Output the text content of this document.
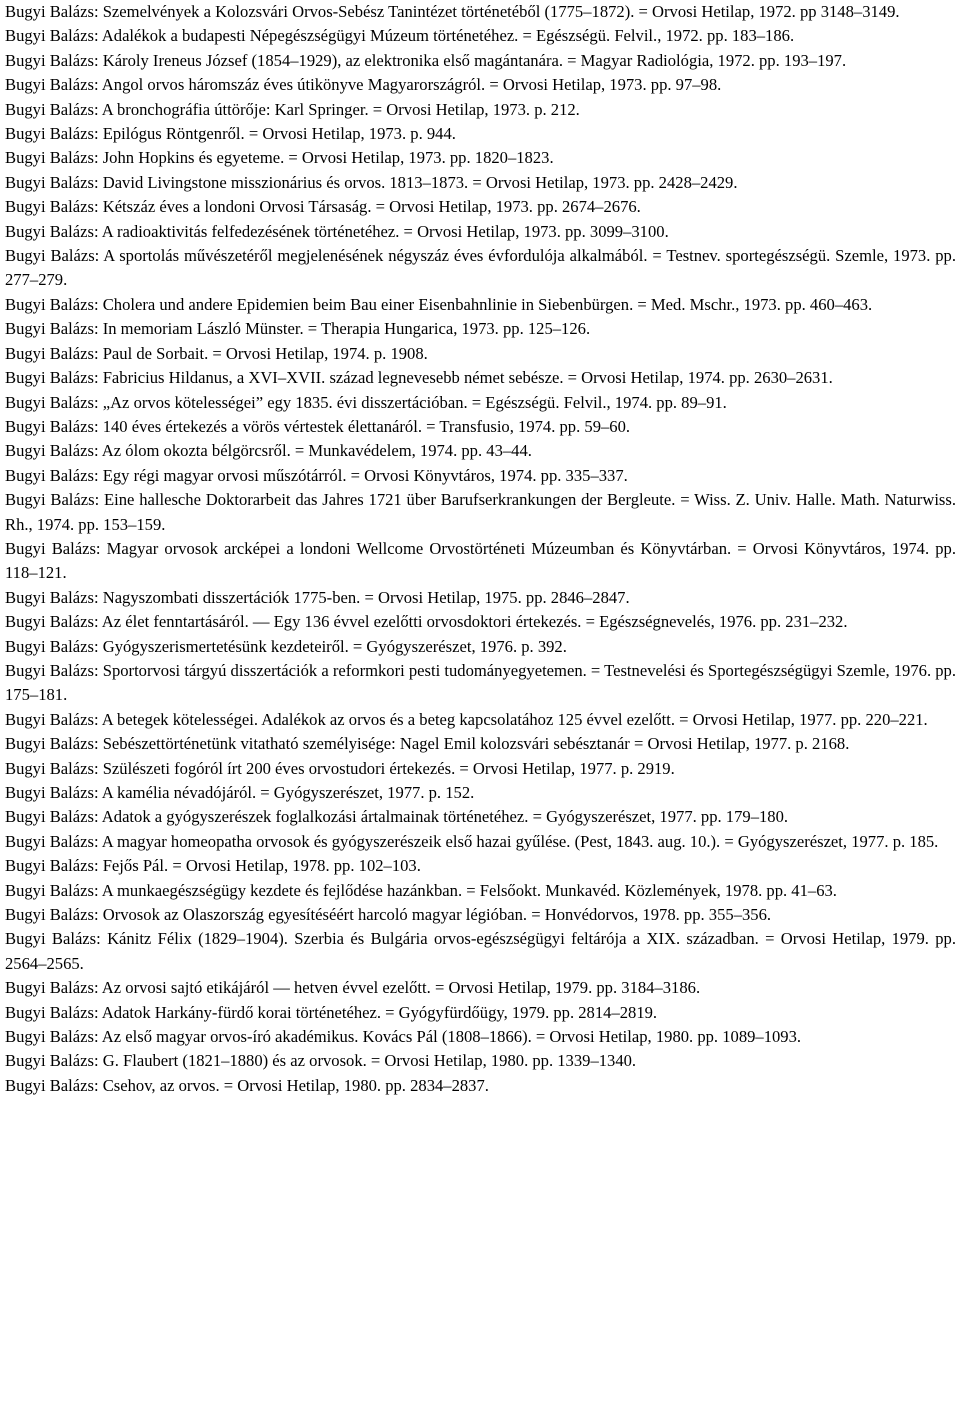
Bugyi Balázs: Szemelvények a Kolozsvári Orvos-Sebész Tanintézet történetéből (1775–1872). = Orvosi Hetilap, 1972. pp 3148–3149.

Bugyi Balázs: Adalékok a budapesti Népegészségügyi Múzeum történetéhez. = Egészségü. Felvil., 1972. pp. 183–186.

Bugyi Balázs: Károly Ireneus József (1854–1929), az elektronika első magántanára. = Magyar Radiológia, 1972. pp. 193–197.

Bugyi Balázs: Angol orvos háromszáz éves útikönyve Magyarországról. = Orvosi Hetilap, 1973. pp. 97–98.

Bugyi Balázs: A bronchográfia úttörője: Karl Springer. = Orvosi Hetilap, 1973. p. 212.

Bugyi Balázs: Epilógus Röntgenről. = Orvosi Hetilap, 1973. p. 944.

Bugyi Balázs: John Hopkins és egyeteme. = Orvosi Hetilap, 1973. pp. 1820–1823.

Bugyi Balázs: David Livingstone misszionárius és orvos. 1813–1873. = Orvosi Hetilap, 1973. pp. 2428–2429.

Bugyi Balázs: Kétszáz éves a londoni Orvosi Társaság. = Orvosi Hetilap, 1973. pp. 2674–2676.

Bugyi Balázs: A radioaktivitás felfedezésének történetéhez. = Orvosi Hetilap, 1973. pp. 3099–3100.

Bugyi Balázs: A sportolás művészetéről megjelenésének négyszáz éves évfordulója alkalmából. = Testnev. sportegészségü. Szemle, 1973. pp. 277–279.

Bugyi Balázs: Cholera und andere Epidemien beim Bau einer Eisenbahnlinie in Siebenbürgen. = Med. Mschr., 1973. pp. 460–463.

Bugyi Balázs: In memoriam László Münster. = Therapia Hungarica, 1973. pp. 125–126.

Bugyi Balázs: Paul de Sorbait. = Orvosi Hetilap, 1974. p. 1908.

Bugyi Balázs: Fabricius Hildanus, a XVI–XVII. század legnevesebb német sebésze. = Orvosi Hetilap, 1974. pp. 2630–2631.

Bugyi Balázs: „Az orvos kötelességei” egy 1835. évi disszertációban. = Egészségü. Felvil., 1974. pp. 89–91.

Bugyi Balázs: 140 éves értekezés a vörös vértestek élettanáról. = Transfusio, 1974. pp. 59–60.

Bugyi Balázs: Az ólom okozta bélgörcsről. = Munkavédelem, 1974. pp. 43–44.

Bugyi Balázs: Egy régi magyar orvosi műszótárról. = Orvosi Könyvtáros, 1974. pp. 335–337.

Bugyi Balázs: Eine hallesche Doktorarbeit das Jahres 1721 über Barufserkrankungen der Bergleute. = Wiss. Z. Univ. Halle. Math. Naturwiss. Rh., 1974. pp. 153–159.

Bugyi Balázs: Magyar orvosok arcképei a londoni Wellcome Orvostörténeti Múzeumban és Könyvtárban. = Orvosi Könyvtáros, 1974. pp. 118–121.

Bugyi Balázs: Nagyszombati disszertációk 1775-ben. = Orvosi Hetilap, 1975. pp. 2846–2847.

Bugyi Balázs: Az élet fenntartásáról. — Egy 136 évvel ezelőtti orvosdoktori értekezés. = Egészségnevelés, 1976. pp. 231–232.

Bugyi Balázs: Gyógyszerismertetésünk kezdeteiről. = Gyógyszerészet, 1976. p. 392.

Bugyi Balázs: Sportorvosi tárgyú disszertációk a reformkori pesti tudományegyetemen. = Testnevelési és Sportegészségügyi Szemle, 1976. pp. 175–181.

Bugyi Balázs: A betegek kötelességei. Adalékok az orvos és a beteg kapcsolatához 125 évvel ezelőtt. = Orvosi Hetilap, 1977. pp. 220–221.

Bugyi Balázs: Sebészettörténetünk vitatható személyisége: Nagel Emil kolozsvári sebésztanár = Orvosi Hetilap, 1977. p. 2168.

Bugyi Balázs: Szülészeti fogóról írt 200 éves orvostudori értekezés. = Orvosi Hetilap, 1977. p. 2919.

Bugyi Balázs: A kamélia névadójáról. = Gyógyszerészet, 1977. p. 152.

Bugyi Balázs: Adatok a gyógyszerészek foglalkozási ártalmainak történetéhez. = Gyógyszerészet, 1977. pp. 179–180.

Bugyi Balázs: A magyar homeopatha orvosok és gyógyszerészeik első hazai gyűlése. (Pest, 1843. aug. 10.). = Gyógyszerészet, 1977. p. 185.

Bugyi Balázs: Fejős Pál. = Orvosi Hetilap, 1978. pp. 102–103.

Bugyi Balázs: A munkaegészségügy kezdete és fejlődése hazánkban. = Felsőokt. Munkavéd. Közlemények, 1978. pp. 41–63.

Bugyi Balázs: Orvosok az Olaszország egyesítéséért harcoló magyar légióban. = Honvédorvos, 1978. pp. 355–356.

Bugyi Balázs: Kánitz Félix (1829–1904). Szerbia és Bulgária orvos-egészségügyi feltárója a XIX. században. = Orvosi Hetilap, 1979. pp. 2564–2565.

Bugyi Balázs: Az orvosi sajtó etikájáról — hetven évvel ezelőtt. = Orvosi Hetilap, 1979. pp. 3184–3186.

Bugyi Balázs: Adatok Harkány-fürdő korai történetéhez. = Gyógyfürdőügy, 1979. pp. 2814–2819.

Bugyi Balázs: Az első magyar orvos-író akadémikus. Kovács Pál (1808–1866). = Orvosi Hetilap, 1980. pp. 1089–1093.

Bugyi Balázs: G. Flaubert (1821–1880) és az orvosok. = Orvosi Hetilap, 1980. pp. 1339–1340.

Bugyi Balázs: Csehov, az orvos. = Orvosi Hetilap, 1980. pp. 2834–2837.
